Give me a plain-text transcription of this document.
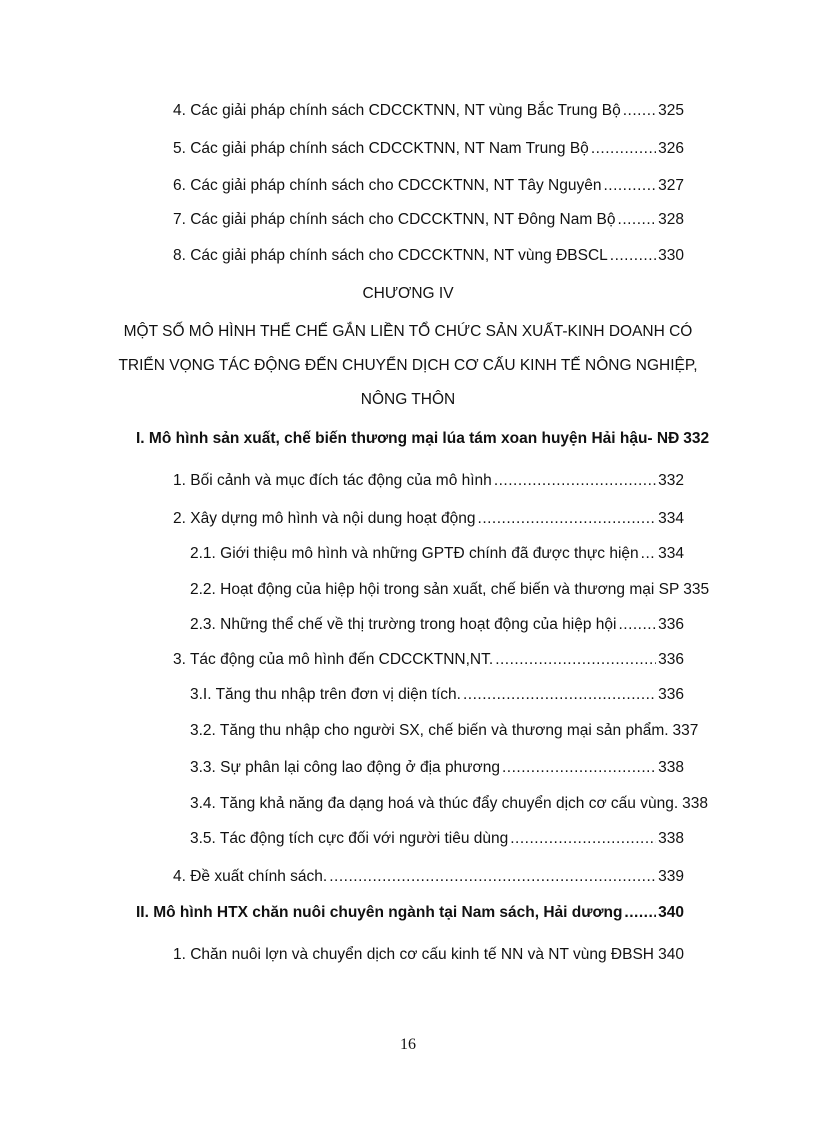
4. Các giải pháp chính sách CDCCKTNN, NT vùng Bắc Trung Bộ ..... 325
5. Các giải pháp chính sách CDCCKTNN, NT Nam Trung Bộ .....	326
6. Các giải pháp chính sách cho CDCCKTNN, NT Tây Nguyên .....	327
7. Các giải pháp chính sách cho CDCCKTNN, NT Đông Nam Bộ .....	328
8. Các giải pháp chính sách cho CDCCKTNN, NT vùng ĐBSCL .....	330
CHƯƠNG IV
MỘT SỐ MÔ HÌNH THỂ CHẾ GẮN LIỀN TỔ CHỨC SẢN XUẤT-KINH DOANH CÓ
TRIỂN VỌNG TÁC ĐỘNG ĐẾN CHUYỂN DỊCH CƠ CẤU KINH TẾ NÔNG NGHIỆP,
NÔNG THÔN
I. Mô hình sản xuất, chế biến thương mại lúa tám xoan huyện Hải hậu- NĐ 332
1. Bối cảnh và mục đích tác động của mô hình .....	332
2. Xây dựng mô hình và nội dung hoạt động .....	334
2.1. Giới thiệu mô hình và những GPTĐ chính đã được thực hiện ..... 334
2.2. Hoạt động của hiệp hội trong sản xuất, chế biến và thương mại SP 335
2.3. Những thể chế về thị trường trong hoạt động của hiệp hội .....	336
3. Tác động của mô hình đến CDCCKTNN,NT. .....	336
3.I. Tăng thu nhập trên đơn vị diện tích. .....	336
3.2. Tăng thu nhập cho người SX, chế biến và thương mại sản phẩm. 337
3.3. Sự phân lại công lao động ở địa phương .....	338
3.4. Tăng khả năng đa dạng hoá và thúc đẩy chuyển dịch cơ cấu vùng. 338
3.5. Tác động tích cực đối với người tiêu dùng .....	338
4. Đề xuất chính sách. .....	339
II. Mô hình HTX chăn nuôi chuyên ngành tại Nam sách, Hải dương ..... 340
1. Chăn nuôi lợn và chuyển dịch cơ cấu kinh tế NN và NT vùng ĐBSH ..... 340
16
